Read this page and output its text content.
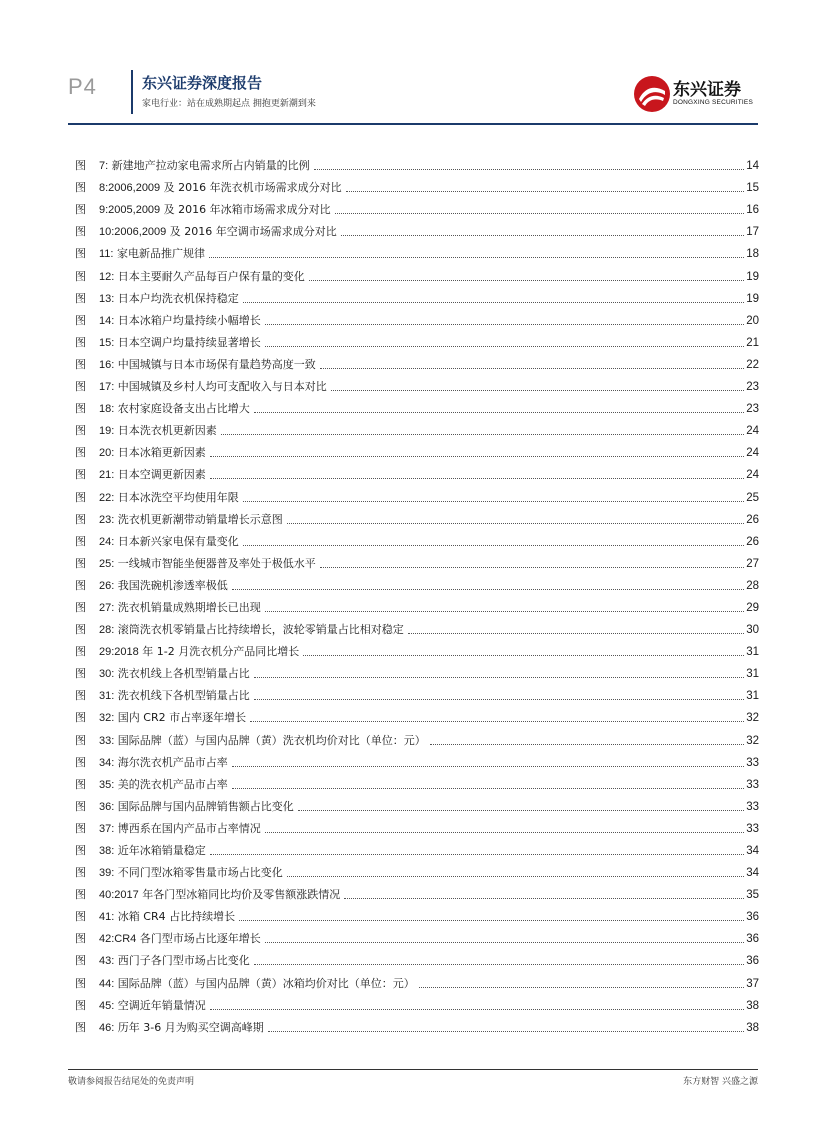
P4	东兴证券深度报告
家电行业：站在成熟期起点 拥抱更新潮到来
东兴证券
DONGXING SECURITIES
图 7: 新建地产拉动家电需求所占内销量的比例	14
图 8:2006,2009 及 2016 年洗衣机市场需求成分对比	15
图 9:2005,2009 及 2016 年冰箱市场需求成分对比	16
图 10:2006,2009 及 2016 年空调市场需求成分对比	17
图 11: 家电新品推广规律	18
图 12: 日本主要耐久产品每百户保有量的变化	19
图 13: 日本户均洗衣机保持稳定	19
图 14: 日本冰箱户均量持续小幅增长	20
图 15: 日本空调户均量持续显著增长	21
图 16: 中国城镇与日本市场保有量趋势高度一致	22
图 17: 中国城镇及乡村人均可支配收入与日本对比	23
图 18: 农村家庭设备支出占比增大	23
图 19: 日本洗衣机更新因素	24
图 20: 日本冰箱更新因素	24
图 21: 日本空调更新因素	24
图 22: 日本冰洗空平均使用年限	25
图 23: 洗衣机更新潮带动销量增长示意图	26
图 24: 日本新兴家电保有量变化	26
图 25: 一线城市智能坐便器普及率处于极低水平	27
图 26: 我国洗碗机渗透率极低	28
图 27: 洗衣机销量成熟期增长已出现	29
图 28: 滚筒洗衣机零销量占比持续增长，波轮零销量占比相对稳定	30
图 29:2018 年 1-2 月洗衣机分产品同比增长	31
图 30: 洗衣机线上各机型销量占比	31
图 31: 洗衣机线下各机型销量占比	31
图 32: 国内 CR2 市占率逐年增长	32
图 33: 国际品牌（蓝）与国内品牌（黄）洗衣机均价对比（单位：元）	32
图 34: 海尔洗衣机产品市占率	33
图 35: 美的洗衣机产品市占率	33
图 36: 国际品牌与国内品牌销售额占比变化	33
图 37: 博西系在国内产品市占率情况	33
图 38: 近年冰箱销量稳定	34
图 39: 不同门型冰箱零售量市场占比变化	34
图 40:2017 年各门型冰箱同比均价及零售额涨跌情况	35
图 41: 冰箱 CR4 占比持续增长	36
图 42:CR4 各门型市场占比逐年增长	36
图 43: 西门子各门型市场占比变化	36
图 44: 国际品牌（蓝）与国内品牌（黄）冰箱均价对比（单位：元）	37
图 45: 空调近年销量情况	38
图 46: 历年 3-6 月为购买空调高峰期	38
敬请参阅报告结尾处的免责声明	东方财智 兴盛之源
